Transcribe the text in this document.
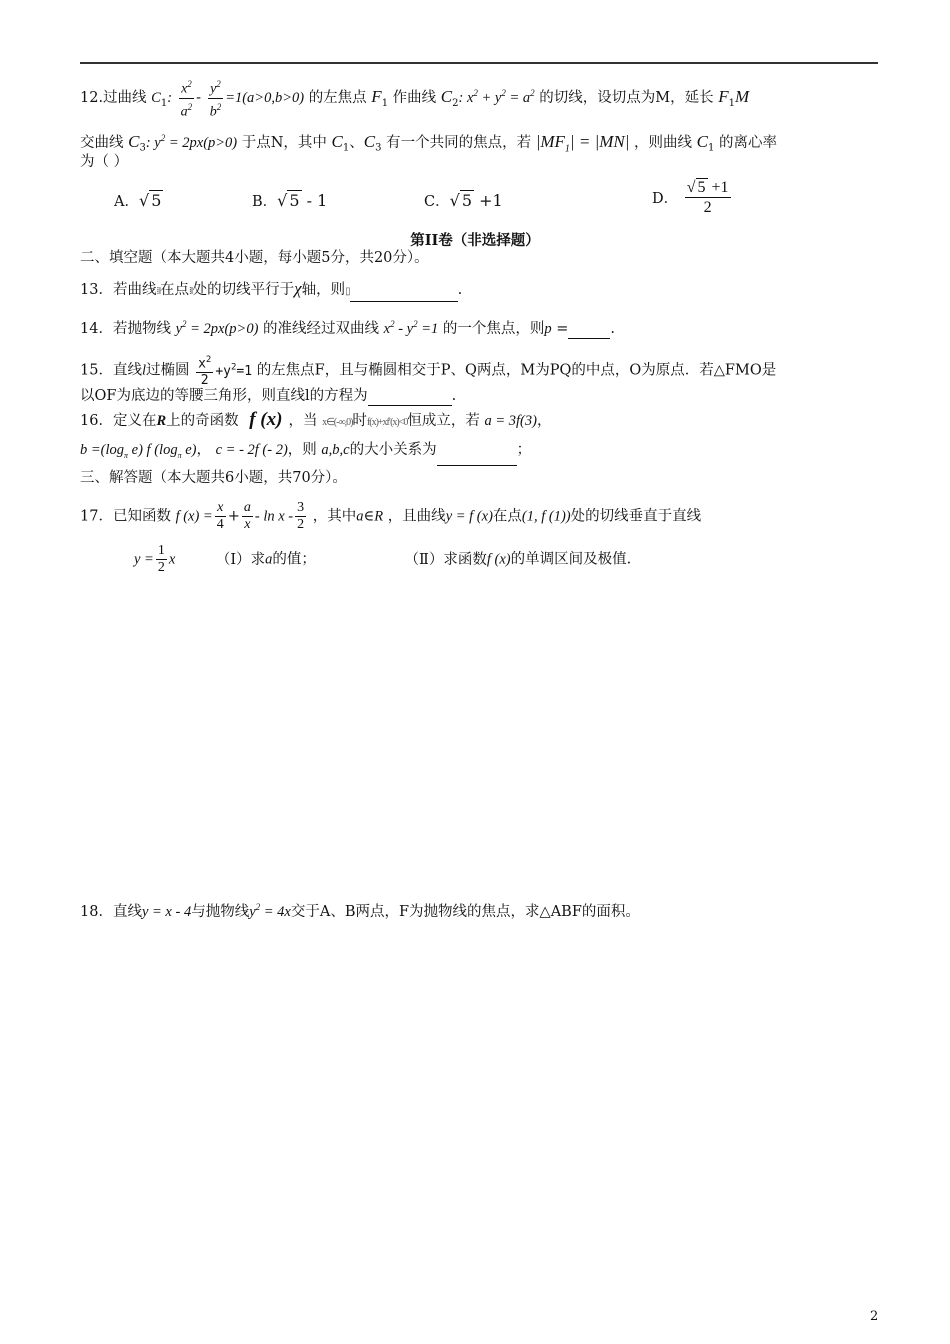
12.过曲线 $C_1$: $\frac{x^2}{a^2} - \frac{y^2}{b^2} =1(a>0,b>0)$ 的左焦点 $F_1$ 作曲线 $C_2$: $x^2 + y^2 = a^2$ 的切线，设切点为M，延长 $F_1M$
交曲线 $C_3$: $y^2 = 2px(p>0)$ 于点N，其中 $C_1$、$C_3$ 有一个共同的焦点，若 $|MF_1| = |MN|$ ，则曲线 $C_1$ 的离心率
为（ ）
A．√ 5	B．√ 5 - 1	C．√ 5 +1	D． $\frac{√ 5 +1}{2}$
第II卷（非选择题）
二、填空题（本大题共4小题，每小题5分，共20分）。
13．若曲线⁞‖在点⁞‖处的切线平行于χ轴，则▯	.
14．若抛物线 $y^2 = 2px(p>0)$ 的准线经过双曲线 $x^2 - y^2 =1$ 的一个焦点，则p =	.
15．直线l过椭圆 $\frac{x^2}{2} +y^2=1$ 的左焦点F，且与椭圆相交于P、Q两点，M为PQ的中点，O为原点．若△FMO是
以OF为底边的等腰三角形，则直线l的方程为	.
16．定义在R上的奇函数 f (x) ，当 x∈(-∞,0)时f(x)+xf′(x)<0恒成立，若 a = 3f(3)，
$b =(\log_\pi$ e) f ($\log_\pi$ e)， c = - 2f (- 2)，则 a,b,c的大小关系为	；
三、解答题（本大题共6小题，共70分）。
17．已知函数 f $(x) = \frac{x}{4} + \frac{a}{x} - \ln x - \frac{3}{2}$ ，其中a∈R ，且曲线y = f (x)在点(1, f (1))处的切线垂直于直线
$y = \frac{1}{2}$ x	（Ⅰ）求a的值；	（Ⅱ）求函数f (x)的单调区间及极值.
18．直线y = x - 4与抛物线$y^2 = 4x$交于A、B两点，F为抛物线的焦点，求△ABF的面积。
2
